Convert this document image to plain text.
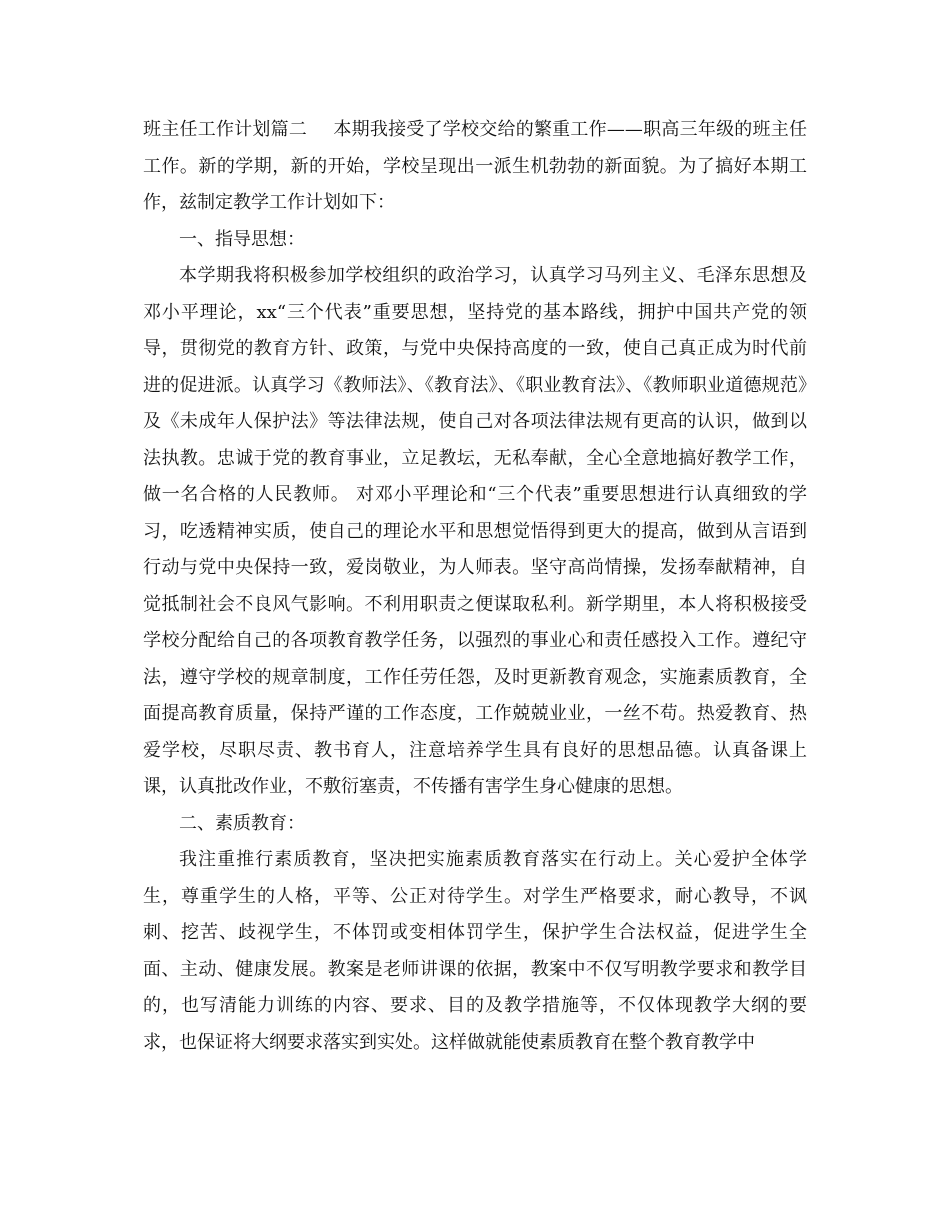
班主任工作计划篇二 本期我接受了学校交给的繁重工作——职高三年级的班主任工作。新的学期，新的开始，学校呈现出一派生机勃勃的新面貌。为了搞好本期工作，兹制定教学工作计划如下：

一、指导思想：

本学期我将积极参加学校组织的政治学习，认真学习马列主义、毛泽东思想及邓小平理论，xx“三个代表”重要思想，坚持党的基本路线，拥护中国共产党的领导，贯彻党的教育方针、政策，与党中央保持高度的一致，使自己真正成为时代前进的促进派。认真学习《教师法》、《教育法》、《职业教育法》、《教师职业道德规范》及《未成年人保护法》等法律法规，使自己对各项法律法规有更高的认识，做到以法执教。忠诚于党的教育事业，立足教坛，无私奉献，全心全意地搞好教学工作，做一名合格的人民教师。 对邓小平理论和“三个代表”重要思想进行认真细致的学习，吃透精神实质，使自己的理论水平和思想觉悟得到更大的提高，做到从言语到行动与党中央保持一致，爱岗敬业，为人师表。坚守高尚情操，发扬奉献精神，自觉抵制社会不良风气影响。不利用职责之便谋取私利。新学期里，本人将积极接受学校分配给自己的各项教育教学任务，以强烈的事业心和责任感投入工作。遵纪守法，遵守学校的规章制度，工作任劳任怨，及时更新教育观念，实施素质教育，全面提高教育质量，保持严谨的工作态度，工作兢兢业业，一丝不苟。热爱教育、热爱学校，尽职尽责、教书育人，注意培养学生具有良好的思想品德。认真备课上课，认真批改作业，不敷衍塞责，不传播有害学生身心健康的思想。

二、素质教育：

我注重推行素质教育，坚决把实施素质教育落实在行动上。关心爱护全体学生，尊重学生的人格，平等、公正对待学生。对学生严格要求，耐心教导，不讽刺、挖苦、歧视学生，不体罚或变相体罚学生，保护学生合法权益，促进学生全面、主动、健康发展。教案是老师讲课的依据，教案中不仅写明教学要求和教学目的，也写清能力训练的内容、要求、目的及教学措施等，不仅体现教学大纲的要求，也保证将大纲要求落实到实处。这样做就能使素质教育在整个教育教学中
